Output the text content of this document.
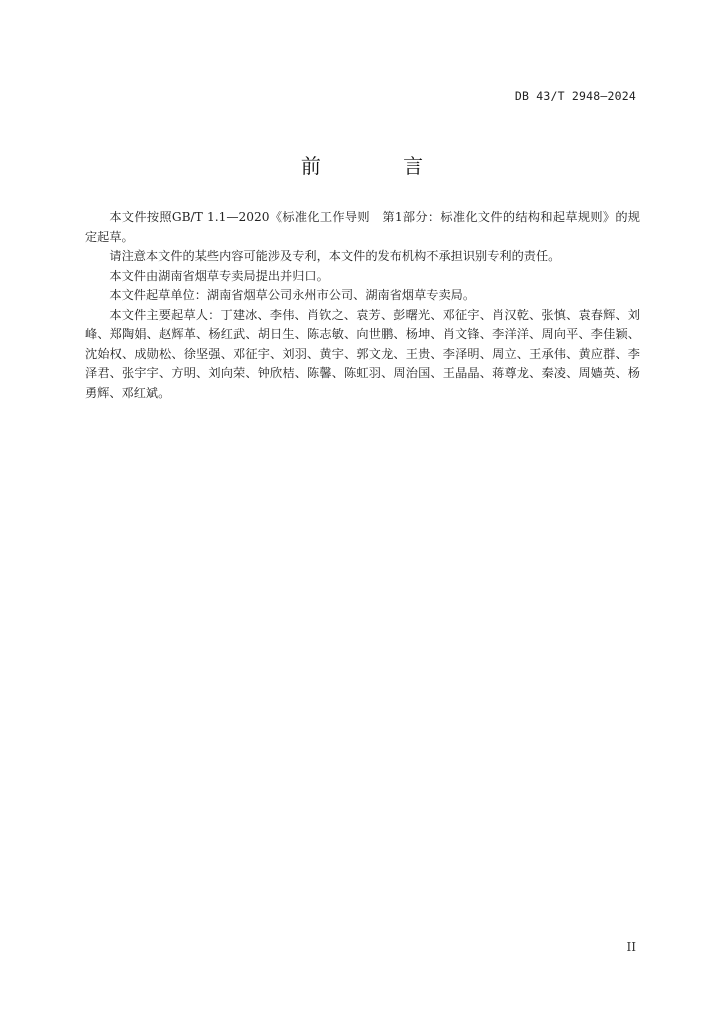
DB 43/T 2948—2024
前 言

本文件按照GB/T 1.1—2020《标准化工作导则　第1部分：标准化文件的结构和起草规则》的规定起草。

请注意本文件的某些内容可能涉及专利，本文件的发布机构不承担识别专利的责任。

本文件由湖南省烟草专卖局提出并归口。

本文件起草单位：湖南省烟草公司永州市公司、湖南省烟草专卖局。

本文件主要起草人：丁建冰、李伟、肖钦之、袁芳、彭曙光、邓征宇、肖汉乾、张慎、袁春辉、刘峰、郑陶娟、赵辉革、杨红武、胡日生、陈志敏、向世鹏、杨坤、肖文锋、李洋洋、周向平、李佳颖、沈始权、成勋松、徐坚强、邓征宇、刘羽、黄宇、郭文龙、王贵、李泽明、周立、王承伟、黄应群、李泽君、张宇宇、方明、刘向荣、钟欣桔、陈馨、陈虹羽、周治国、王晶晶、蒋尊龙、秦凌、周嫱英、杨勇辉、邓红斌。

II
